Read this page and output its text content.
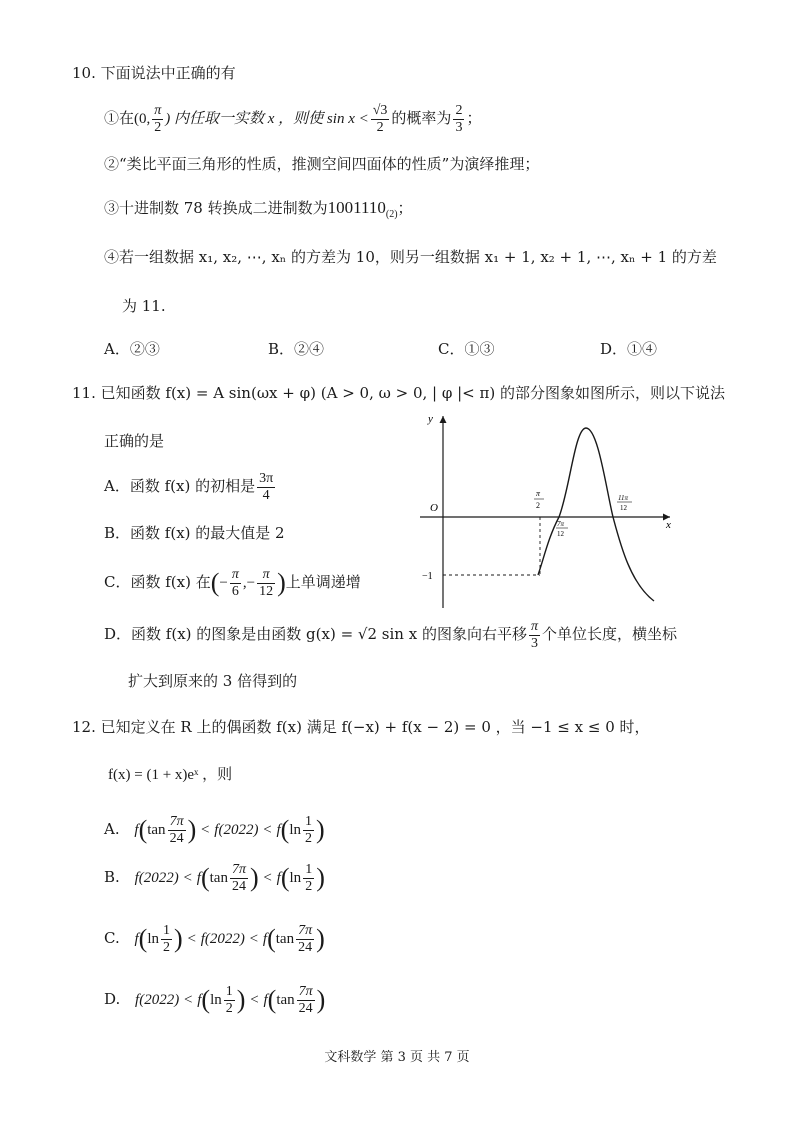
10. 下面说法中正确的有
①在(0, $\frac{\pi}{2}$ ) 内任取一实数 x ，则使 $\sin x < \frac{√3}{2}$ 的概率为 $\frac{2}{3}$ ；
②“类比平面三角形的性质，推测空间四面体的性质”为演绎推理；
③十进制数 78 转换成二进制数为$1001110_{(2)}$；
④若一组数据 x₁, x₂, ⋯, xₙ 的方差为 10，则另一组数据 x₁ + 1, x₂ + 1, ⋯, xₙ + 1 的方差
为 11.
A．②③	B．②④	C．①③	D．①④
11. 已知函数 f(x) = A sin(ωx + φ) (A > 0, ω > 0, | φ |< π) 的部分图象如图所示，则以下说法
正确的是
A．函数 f(x) 的初相是 $\frac{3\pi}{4}$
B．函数 f(x) 的最大值是 2
C．函数 f(x) 在(− $\frac{\pi}{6}$ ,− $\frac{\pi}{12}$ )上单调递增
D．函数 f(x) 的图象是由函数 g(x) = √2 sin x 的图象向右平移 $\frac{\pi}{3}$ 个单位长度，横坐标
扩大到原来的 3 倍得到的
y
x
O
−1
π
2
7π
12
11π
12
12. 已知定义在 R 上的偶函数 f(x) 满足 f(−x) + f(x − 2) = 0 ，当 −1 ≤ x ≤ 0 时，
f(x) = (1 + x)eˣ ，则
A. $f(\tan \frac{7\pi}{24}$ ) < $f(2022) < f(\ln \frac{1}{2}$ )
B. $f(2022) < f(\tan \frac{7\pi}{24}$ ) < $f(\ln \frac{1}{2}$ )
C. $f(\ln \frac{1}{2}$ ) < $f(2022) < f(\tan \frac{7\pi}{24}$ )
D. $f(2022) < f(\ln \frac{1}{2}$ ) < $f(\tan \frac{7\pi}{24}$ )
文科数学 第 3 页 共 7 页
